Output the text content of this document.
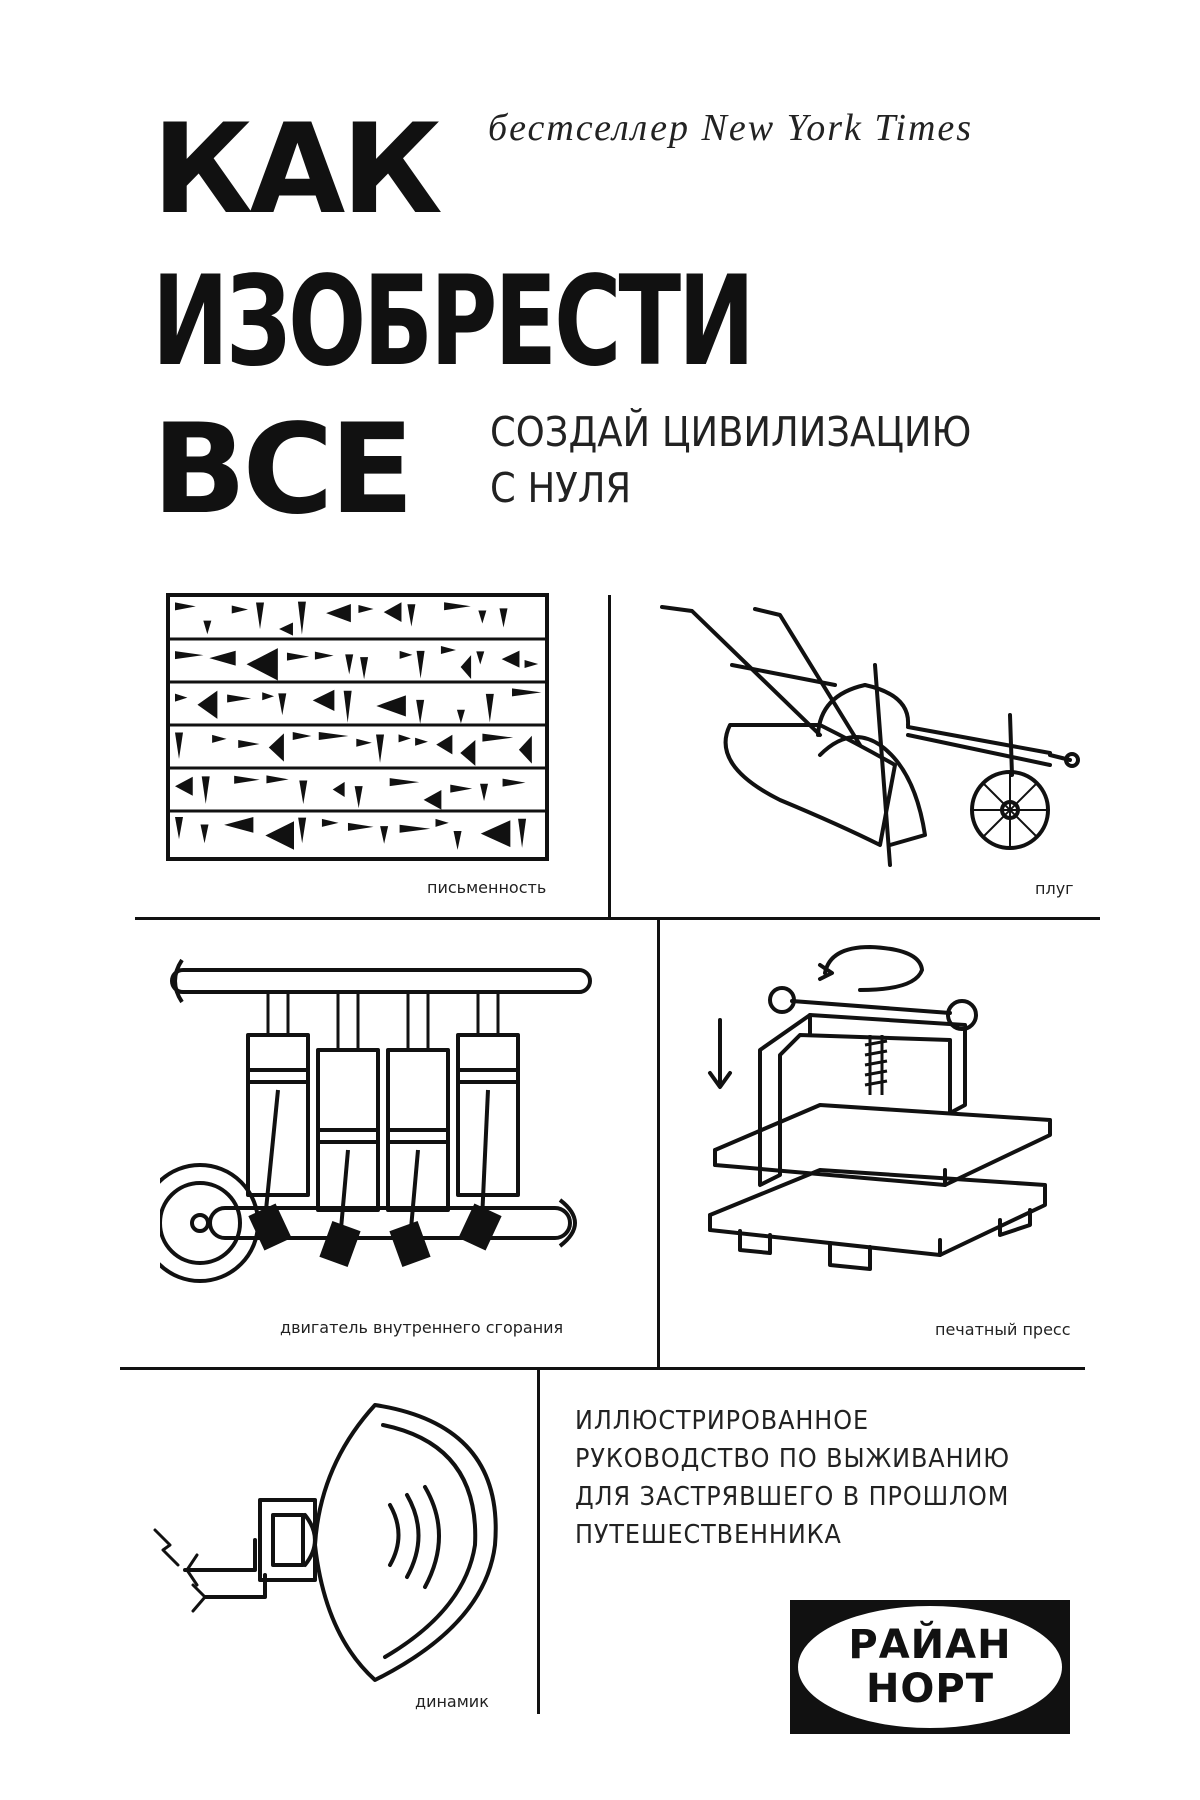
КАК
ИЗОБРЕСТИ
ВСЕ
бестселлер New York Times
СОЗДАЙ ЦИВИЛИЗАЦИЮ
С НУЛЯ
письменность	плуг
двигатель внутреннего сгорания	печатный пресс
динамик
ИЛЛЮСТРИРОВАННОЕ
РУКОВОДСТВО ПО ВЫЖИВАНИЮ
ДЛЯ ЗАСТРЯВШЕГО В ПРОШЛОМ
ПУТЕШЕСТВЕННИКА
РАЙАН
НОРТ
